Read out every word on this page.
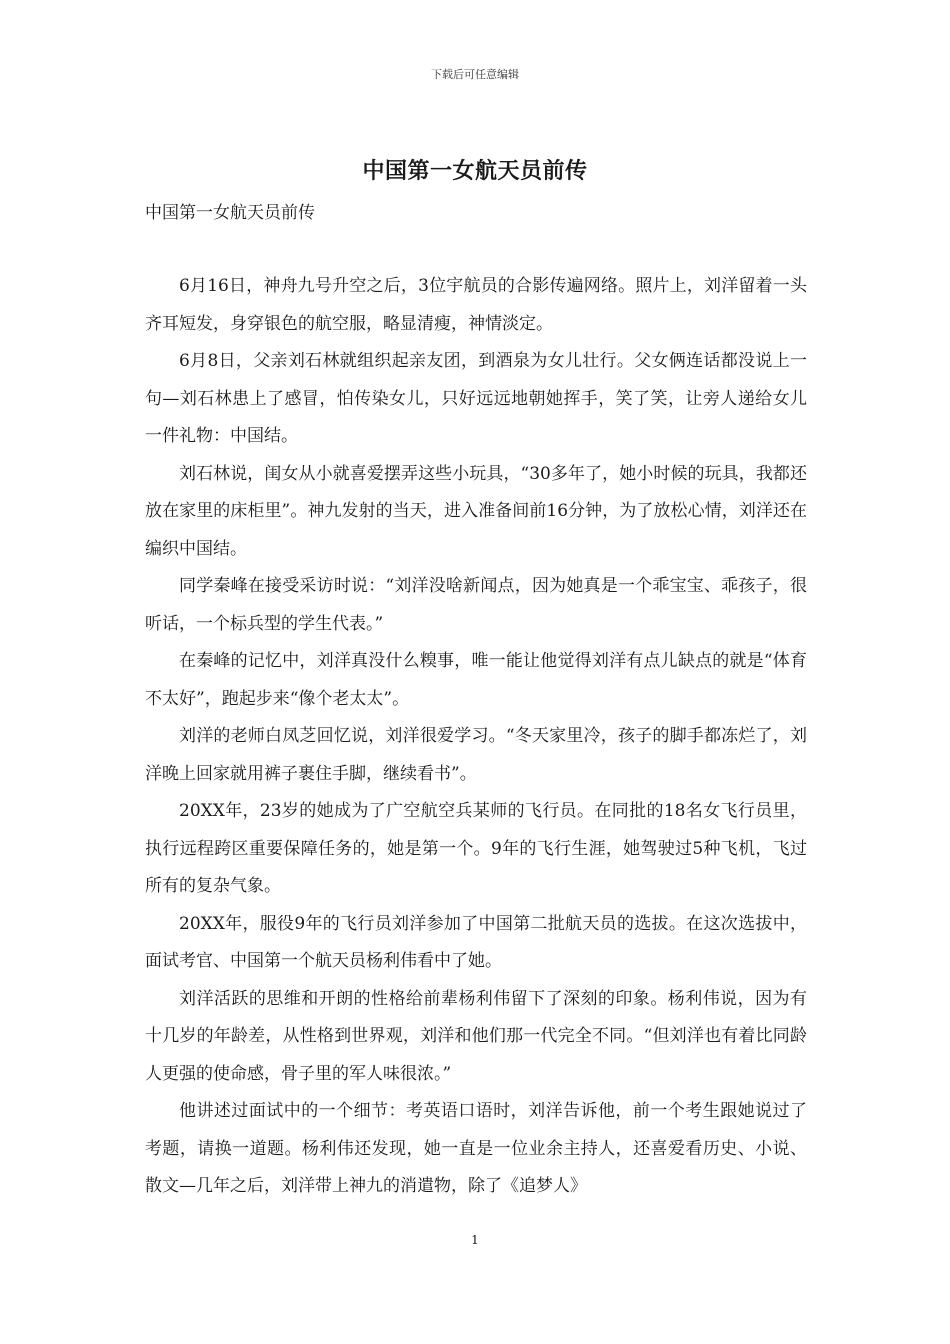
下载后可任意编辑
中国第一女航天员前传
中国第一女航天员前传

6月16日，神舟九号升空之后，3位宇航员的合影传遍网络。照片上，刘洋留着一头齐耳短发，身穿银色的航空服，略显清瘦，神情淡定。

6月8日，父亲刘石林就组织起亲友团，到酒泉为女儿壮行。父女俩连话都没说上一句—刘石林患上了感冒，怕传染女儿，只好远远地朝她挥手，笑了笑，让旁人递给女儿一件礼物：中国结。

刘石林说，闺女从小就喜爱摆弄这些小玩具，“30多年了，她小时候的玩具，我都还放在家里的床柜里”。神九发射的当天，进入准备间前16分钟，为了放松心情，刘洋还在编织中国结。

同学秦峰在接受采访时说：“刘洋没啥新闻点，因为她真是一个乖宝宝、乖孩子，很听话，一个标兵型的学生代表。”

在秦峰的记忆中，刘洋真没什么糗事，唯一能让他觉得刘洋有点儿缺点的就是“体育不太好”，跑起步来“像个老太太”。

刘洋的老师白凤芝回忆说，刘洋很爱学习。“冬天家里冷，孩子的脚手都冻烂了，刘洋晚上回家就用裤子裹住手脚，继续看书”。

20XX年，23岁的她成为了广空航空兵某师的飞行员。在同批的18名女飞行员里，执行远程跨区重要保障任务的，她是第一个。9年的飞行生涯，她驾驶过5种飞机，飞过所有的复杂气象。

20XX年，服役9年的飞行员刘洋参加了中国第二批航天员的选拔。在这次选拔中，面试考官、中国第一个航天员杨利伟看中了她。

刘洋活跃的思维和开朗的性格给前辈杨利伟留下了深刻的印象。杨利伟说，因为有十几岁的年龄差，从性格到世界观，刘洋和他们那一代完全不同。“但刘洋也有着比同龄人更强的使命感，骨子里的军人味很浓。”

他讲述过面试中的一个细节：考英语口语时，刘洋告诉他，前一个考生跟她说过了考题，请换一道题。杨利伟还发现，她一直是一位业余主持人，还喜爱看历史、小说、散文—几年之后，刘洋带上神九的消遣物，除了《追梦人》

1
